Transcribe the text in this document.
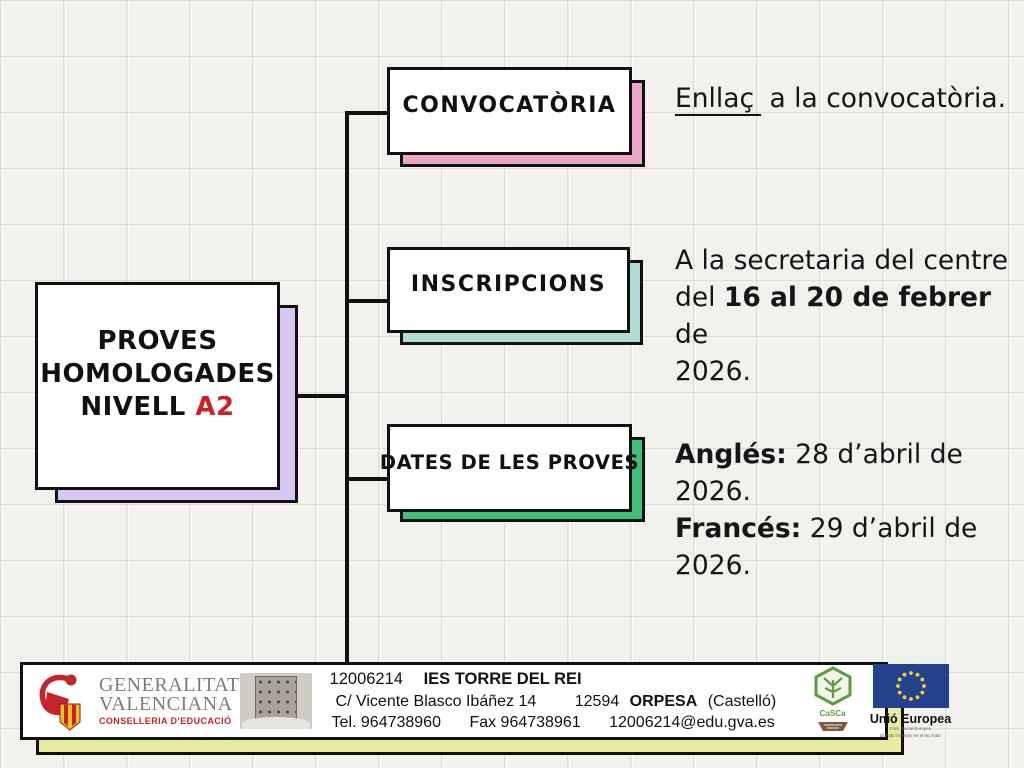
PROVES
HOMOLOGADES
NIVELL A2
CONVOCATÒRIA
INSCRIPCIONS
DATES DE LES PROVES
Enllaç a la convocatòria.
A la secretaria del centre
del 16 al 20 de febrer de
2026.
Anglés: 28 d’abril de
2026.
Francés: 29 d’abril de
2026.
GENERALITAT
VALENCIANA
CONSELLERIA D’EDUCACIÓ
12006214 IES TORRE DEL REI
C/ Vicente Blasco Ibáñez 14 12594 ORPESA (Castelló)
Tel. 964738960 Fax 964738961 12006214@edu.gva.es
CaSCa	Unió Europea
Fons Social Europeu
El FSE inverteix en el teu futur
